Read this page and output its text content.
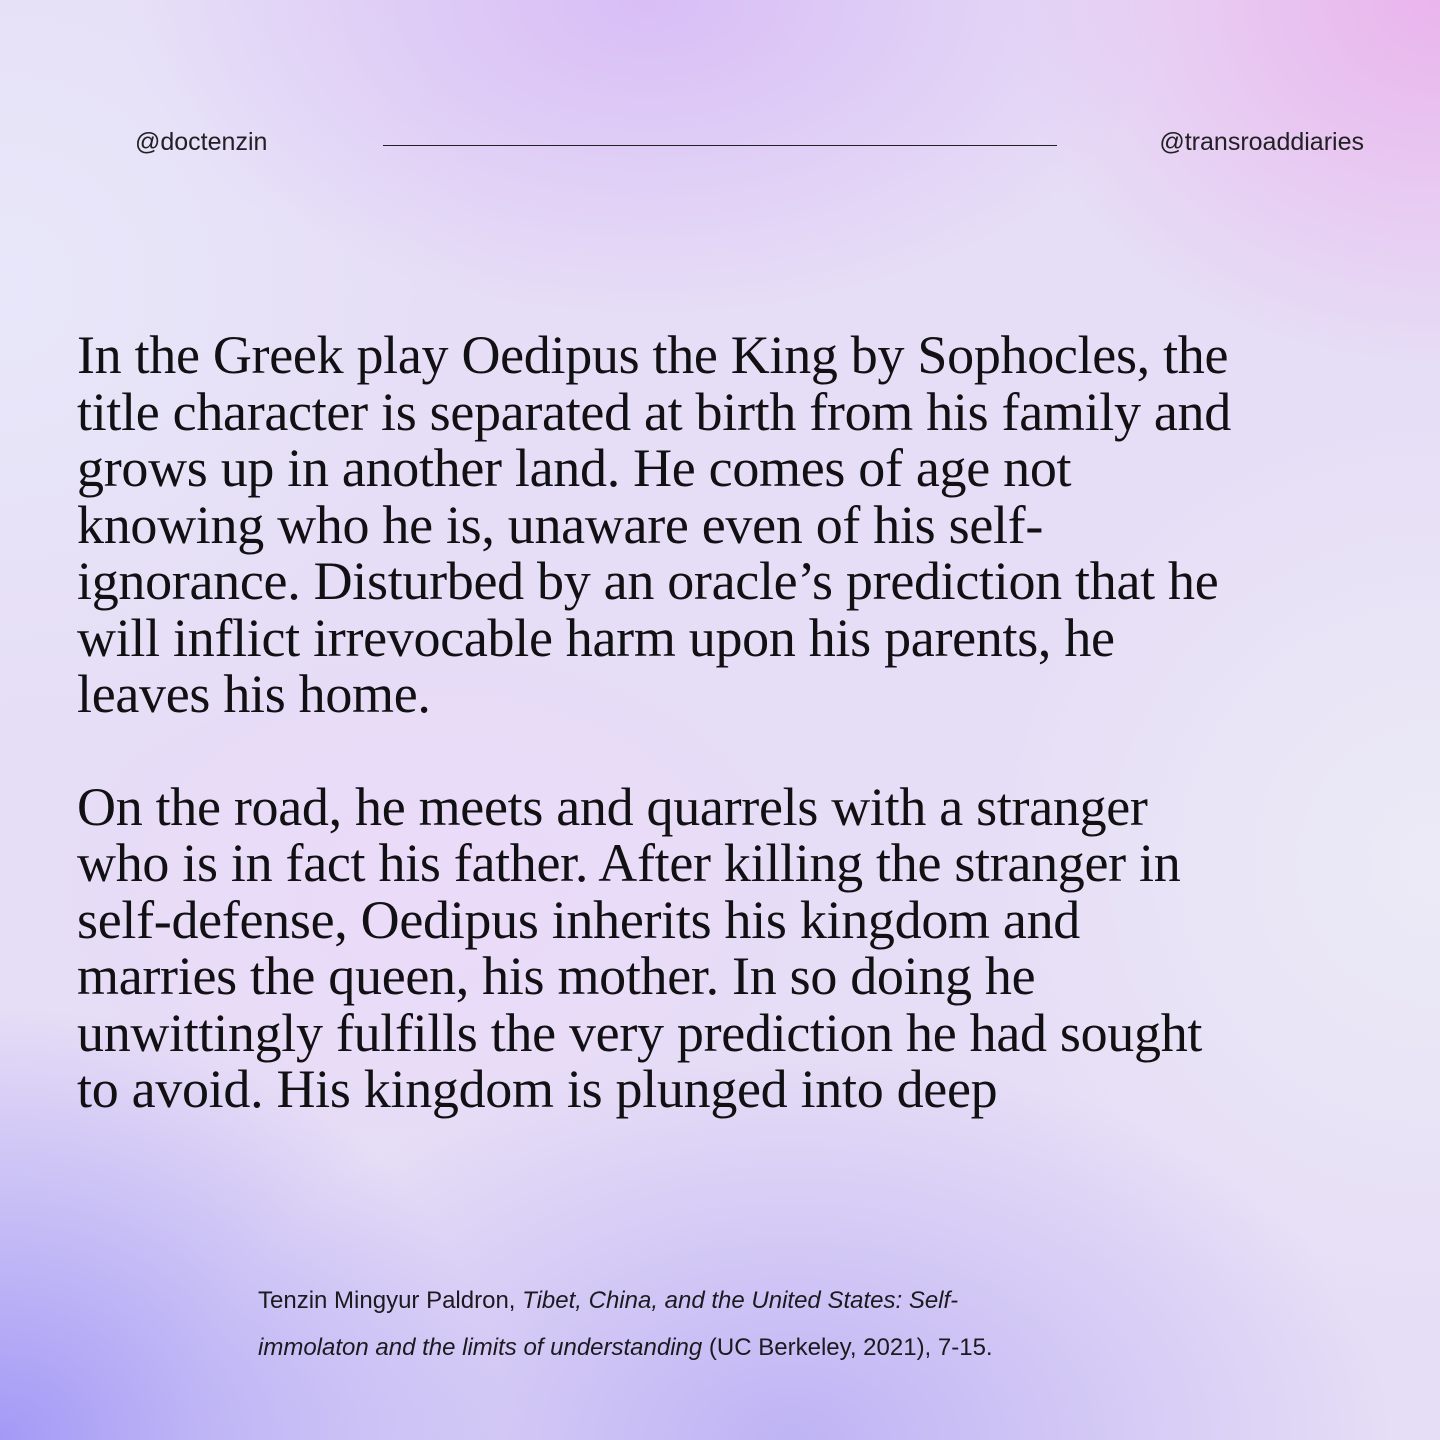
@doctenzin	@transroaddiaries

In the Greek play Oedipus the King by Sophocles, the
title character is separated at birth from his family and
grows up in another land. He comes of age not
knowing who he is, unaware even of his self-
ignorance. Disturbed by an oracle’s prediction that he
will inflict irrevocable harm upon his parents, he
leaves his home.

On the road, he meets and quarrels with a stranger
who is in fact his father. After killing the stranger in
self-defense, Oedipus inherits his kingdom and
marries the queen, his mother. In so doing he
unwittingly fulfills the very prediction he had sought
to avoid. His kingdom is plunged into deep

Tenzin Mingyur Paldron, Tibet, China, and the United States: Self-
immolaton and the limits of understanding (UC Berkeley, 2021), 7-15.
